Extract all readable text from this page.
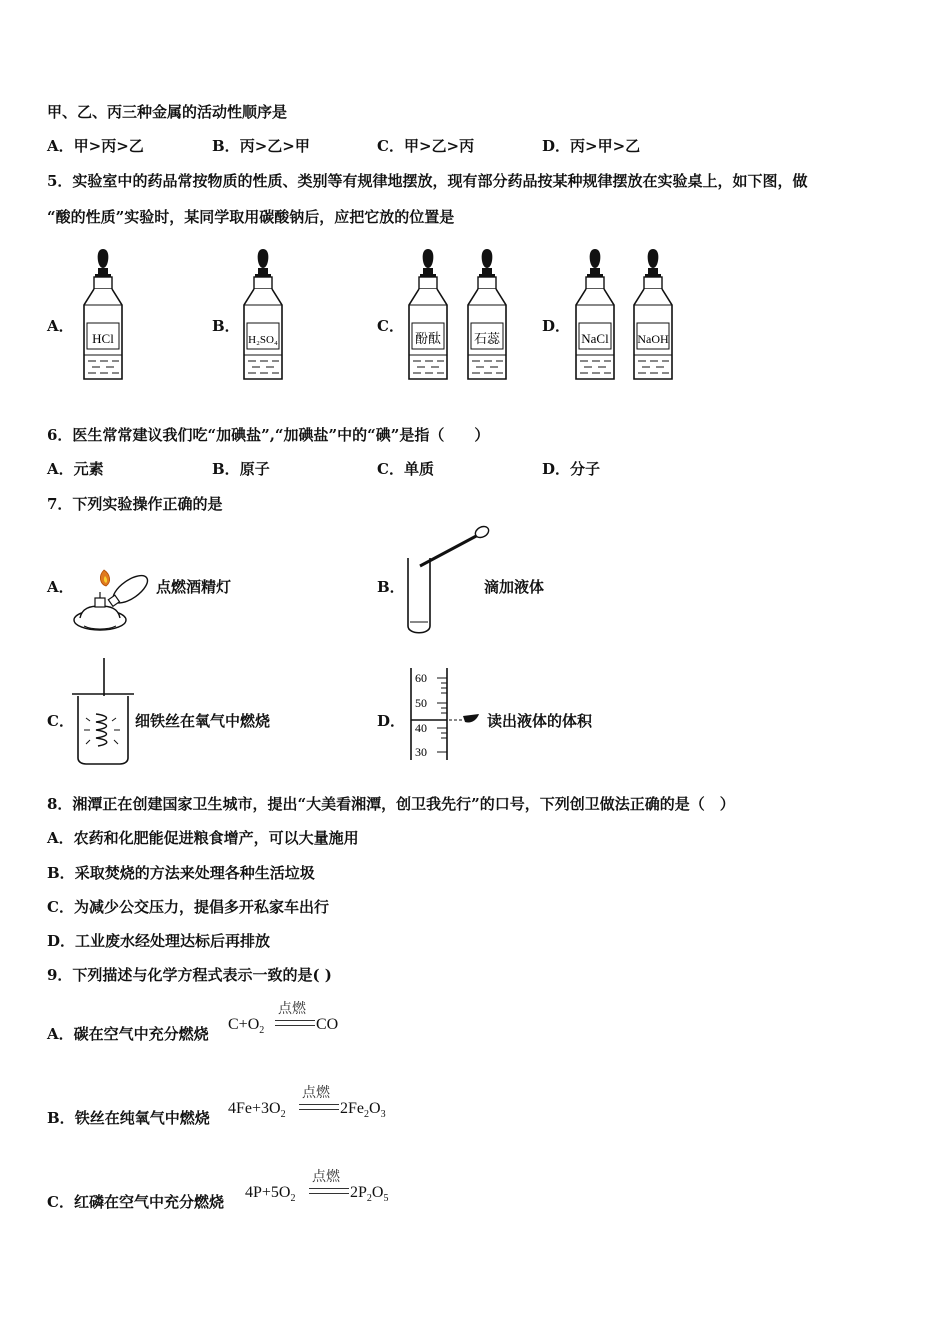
甲、乙、丙三种金属的活动性顺序是
A．甲>丙>乙	B．丙>乙>甲	C．甲>乙>丙	D．丙>甲>乙
5．实验室中的药品常按物质的性质、类别等有规律地摆放，现有部分药品按某种规律摆放在实验桌上，如下图，做
“酸的性质”实验时，某同学取用碳酸钠后，应把它放的位置是
A．
HCl
B．
H₂SO₄
C．
酚酞	石蕊
D．
NaCl NaOH
6．医生常常建议我们吃“加碘盐”,“加碘盐”中的“碘”是指（　　）
A．元素	B．原子	C．单质	D．分子
7．下列实验操作正确的是
A．	点燃酒精灯	B．	滴加液体
C．	细铁丝在氧气中燃烧	D．
60
50
40
30
读出液体的体积
8．湘潭正在创建国家卫生城市，提出“大美看湘潭，创卫我先行”的口号，下列创卫做法正确的是（　）
A．农药和化肥能促进粮食增产，可以大量施用
B．采取焚烧的方法来处理各种生活垃圾
C．为减少公交压力，提倡多开私家车出行
D．工业废水经处理达标后再排放
9．下列描述与化学方程式表示一致的是( )
A．碳在空气中充分燃烧
$C+O_2$
点燃
CO
B．铁丝在纯氧气中燃烧
$4Fe+3O_2$
点燃
$2Fe_2O_3$
C．红磷在空气中充分燃烧
$4P+5O_2$
点燃
$2P_2O_5$
